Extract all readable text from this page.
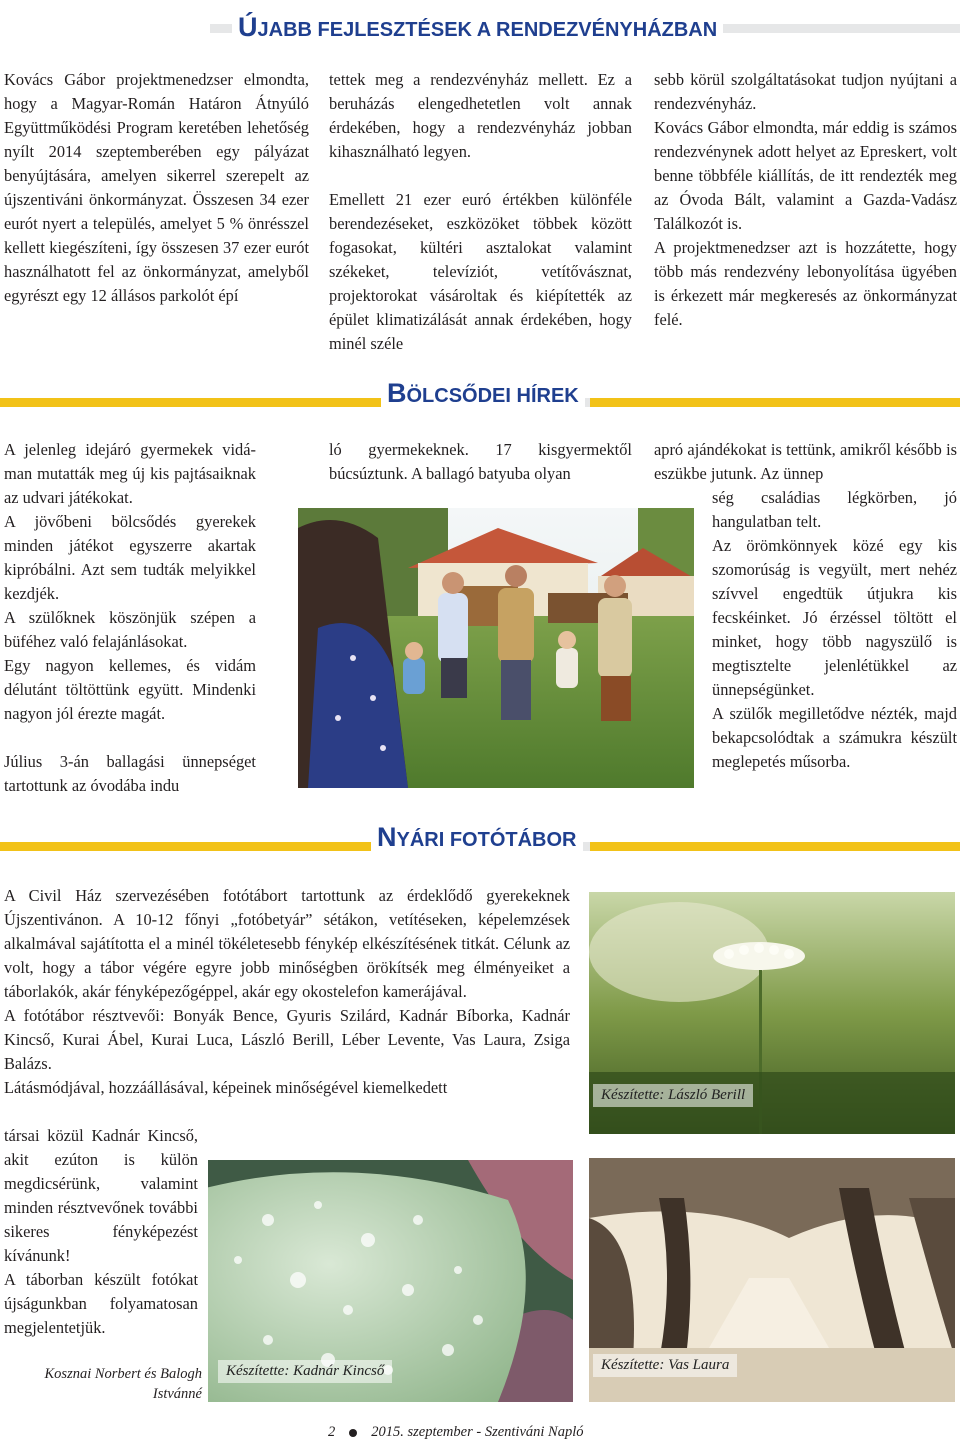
ÚJABB FEJLESZTÉSEK A RENDEZVÉNYHÁZBAN

Kovács Gábor projektmenedzser elmondta, hogy a Magyar-Román Határon Átnyúló Együttműködési Program keretében lehetőség nyílt 2014 szeptemberében egy pályázat benyújtására, amelyen sikerrel szerepelt az újszentiváni önkormányzat. Összesen 34 ezer eurót nyert a település, amelyet 5 % önrésszel kellett kiegészíteni, így összesen 37 ezer eurót használhatott fel az önkormányzat, amelyből egyrészt egy 12 állásos parkolót épí

tettek meg a rendezvényház mellett. Ez a beruházás elengedhetetlen volt annak érdekében, hogy a rendezvényház jobban kihasználható legyen.

Emellett 21 ezer euró értékben különféle berendezéseket, eszközöket többek között fogasokat, kültéri asztalokat valamint székeket, televíziót, vetítővásznat, projektorokat vásároltak és kiépítették az épület klimatizálását annak érdekében, hogy minél széle

sebb körül szolgáltatásokat tudjon nyújtani a rendezvényház.

Kovács Gábor elmondta, már eddig is számos rendezvénynek adott helyet az Epreskert, volt benne többféle kiállítás, de itt rendezték meg az Óvoda Bált, valamint a Gazda-Vadász Találkozót is.

A projektmenedzser azt is hozzátette, hogy több más rendezvény lebonyolítása ügyében is érkezett már megkeresés az önkormányzat felé.

BÖLCSŐDEI HÍREK

A jelenleg idejáró gyermekek vidáman mutatták meg új kis pajtásaiknak az udvari játékokat.

A jövőbeni bölcsődés gyerekek minden játékot egyszerre akartak kipróbálni. Azt sem tudták melyikkel kezdjék.

A szülőknek köszönjük szépen a büféhez való felajánlásokat.

Egy nagyon kellemes, és vidám délutánt töltöttünk együtt. Mindenki nagyon jól érezte magát.

Július 3-án ballagási ünnepséget tartottunk az óvodába indu

ló gyermekeknek. 17 kisgyermektől búcsúztunk. A ballagó batyuba olyan

apró ajándékokat is tettünk, amikről később is eszükbe jutunk. Az ünnep

ség családias légkörben, jó hangulatban telt.

Az örömkönnyek közé egy kis szomorúság is vegyült, mert nehéz szívvel engedtük útjukra kis fecskéinket. Jó érzéssel töltött el minket, hogy több nagyszülő is megtisztelte jelenlétükkel az ünnepségünket.

A szülők megilletődve nézték, majd bekapcsolódtak a számukra készült meglepetés műsorba.

NYÁRI FOTÓTÁBOR

A Civil Ház szervezésében fotótábort tartottunk az érdeklődő gyerekeknek Újszentivánon. A 10-12 főnyi „fotóbetyár” sétákon, vetítéseken, képelemzések alkalmával sajátította el a minél tökéletesebb fénykép elkészítésének titkát. Célunk az volt, hogy a tábor végére egyre jobb minőségben örökítsék meg élményeiket a táborlakók, akár fényképezőgéppel, akár egy okostelefon kamerájával.

A fotótábor résztvevői: Bonyák Bence, Gyuris Szilárd, Kadnár Bíborka, Kadnár Kincső, Kurai Ábel, Kurai Luca, László Berill, Léber Levente, Vas Laura, Zsiga Balázs.

Látásmódjával, hozzáállásával, képeinek minőségével kiemelkedett

társai közül Kadnár Kincső, akit ezúton is külön megdicsérünk, valamint minden résztvevőnek további sikeres fényképezést kívánunk!

A táborban készült fotókat újságunkban folyamatosan megjelentetjük.

Kosznai Norbert és Balogh Istvánné

Készítette: Kadnár Kincső
Készítette: László Berill
Készítette: Vas Laura
2 2015. szeptember - Szentiváni Napló
